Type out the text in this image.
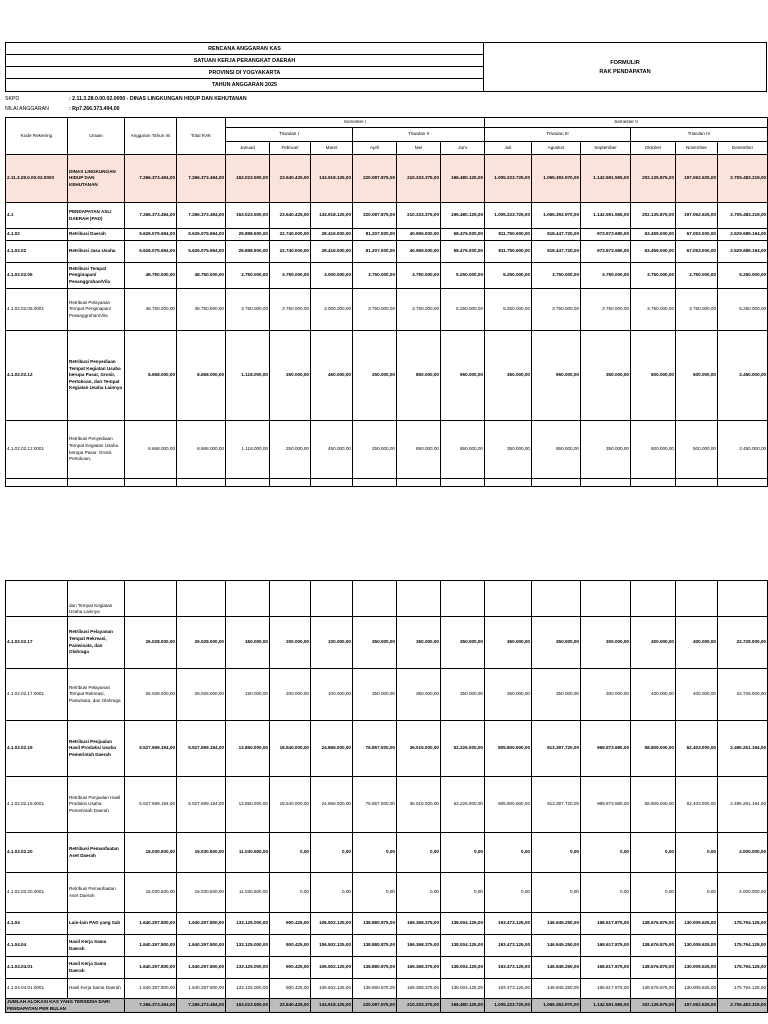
RENCANA ANGGARAN KAS
SATUAN KERJA PERANGKAT DAERAH
PROVINSI DI YOGYAKARTA
TAHUN ANGGARAN 2025
FORMULIR
RAK PENDAPATAN
SKPD	: 2.11.3.28.0.00.02.0000 - DINAS LINGKUNGAN HIDUP DAN KEHUTANAN
NILAI ANGGARAN	: Rp7.266.373.494,00
Kode Rekening	Uraian	Anggaran Tahun Ini	Total RAK	Semester I						Semester II					
				Triwulan I			Triwulan II			Triwulan III			Triwulan IV		
				Januari	Februari	Maret	April	Mei	Juni	Juli	Agustus	September	Oktober	November	Desember
2.11.3.28.0.00.02.0000	DINAS LINGKUNGAN HIDUP DAN KEHUTANAN	7.266.373.494,00	7.266.373.494,00	163.023.500,00	23.640.425,00	134.918.125,00	220.087.875,00	210.333.375,00	196.480.125,00	1.005.223.725,00	1.065.392.970,00	1.142.591.555,00	202.135.875,00	197.062.625,00	2.705.483.319,00
4.1	PENDAPATAN ASLI DAERAH (PAD)	7.266.373.494,00	7.266.373.494,00	163.023.500,00	23.640.425,00	134.918.125,00	220.087.875,00	210.333.375,00	196.480.125,00	1.005.223.725,00	1.065.392.970,00	1.142.591.555,00	202.135.875,00	197.062.625,00	2.705.483.319,00
4.1.02	Retribusi Daerah	5.626.075.694,00	5.626.075.694,00	29.898.500,00	22.740.000,00	28.416.000,00	81.207.000,00	40.965.000,00	58.476.000,00	811.750.600,00	918.447.720,00	973.973.680,00	63.459.000,00	67.053.000,00	2.529.689.194,00
4.1.02.02	Retribusi Jasa Usaha	5.626.075.694,00	5.626.075.694,00	29.898.500,00	22.740.000,00	28.416.000,00	81.207.000,00	40.965.000,00	58.476.000,00	811.750.600,00	918.447.720,00	973.973.680,00	63.459.000,00	67.053.000,00	2.529.689.194,00
4.1.02.02.06	Retribusi Tempat Penginapan/ Pesanggrahan/Vila	48.750.000,00	48.750.000,00	3.750.000,00	3.750.000,00	3.000.000,00	3.750.000,00	3.750.000,00	5.250.000,00	5.250.000,00	3.750.000,00	3.750.000,00	3.750.000,00	3.750.000,00	5.250.000,00
4.1.02.02.06.0001	Retribusi Pelayanan Tempat Penginapan/ Pesanggrahan/Vila	48.750.000,00	48.750.000,00	3.750.000,00	3.750.000,00	3.000.000,00	3.750.000,00	3.750.000,00	5.250.000,00	5.250.000,00	3.750.000,00	3.750.000,00	3.750.000,00	3.750.000,00	5.250.000,00
4.1.02.02.12	Retribusi Penyediaan Tempat Kegiatan Usaha berupa Pasar, Grosir, Pertokoan, dan Tempat Kegiatan Usaha Lainnya	8.668.000,00	8.668.000,00	1.118.000,00	250.000,00	450.000,00	250.000,00	850.000,00	650.000,00	350.000,00	950.000,00	350.000,00	500.000,00	500.000,00	2.450.000,00
4.1.02.02.12.0001	Retribusi Penyediaan Tempat Kegiatan Usaha berupa Pasar, Grosir, Pertokoan,	8.668.000,00	8.668.000,00	1.118.000,00	250.000,00	450.000,00	250.000,00	850.000,00	650.000,00	350.000,00	950.000,00	350.000,00	500.000,00	500.000,00	2.450.000,00

	dan Tempat Kegiatan Usaha Lainnya														
4.1.02.02.17	Retribusi Pelayanan Tempat Rekreasi, Pariwisata, dan Olahraga	26.028.000,00	26.028.000,00	150.000,00	200.000,00	100.000,00	350.000,00	350.000,00	350.000,00	350.000,00	350.000,00	300.000,00	400.000,00	400.000,00	22.728.000,00
4.1.02.02.17.0001	Retribusi Pelayanan Tempat Rekreasi, Pariwisata, dan Olahraga	26.028.000,00	26.028.000,00	150.000,00	200.000,00	100.000,00	350.000,00	350.000,00	350.000,00	350.000,00	350.000,00	300.000,00	400.000,00	400.000,00	22.728.000,00
4.1.02.02.19	Retribusi Penjualan Hasil Produksi Usaha Pemerintah Daerah	5.527.599.194,00	5.527.599.194,00	13.850.000,00	18.540.000,00	24.866.000,00	76.857.000,00	36.015.000,00	52.226.000,00	805.800.600,00	913.397.720,00	969.573.680,00	58.809.000,00	62.403.000,00	2.495.261.194,00
4.1.02.02.19.0001	Retribusi Penjualan Hasil Produksi Usaha Pemerintah Daerah	5.527.599.194,00	5.527.599.194,00	13.850.000,00	18.540.000,00	24.866.000,00	76.857.000,00	36.015.000,00	52.226.000,00	805.800.600,00	913.397.720,00	969.573.680,00	58.809.000,00	62.403.000,00	2.495.261.194,00
4.1.02.02.20	Retribusi Pemanfaatan Aset Daerah	15.030.500,00	15.030.500,00	11.030.500,00	0,00	0,00	0,00	0,00	0,00	0,00	0,00	0,00	0,00	0,00	4.000.000,00
4.1.02.02.20.0001	Retribusi Pemanfaatan Aset Daerah	15.030.500,00	15.030.500,00	11.030.500,00	0,00	0,00	0,00	0,00	0,00	0,00	0,00	0,00	0,00	0,00	4.000.000,00
4.1.04	Lain-lain PAD yang Sah	1.640.297.800,00	1.640.297.800,00	133.125.000,00	900.425,00	106.502.125,00	138.880.875,00	169.368.375,00	138.004.125,00	193.473.125,00	146.945.250,00	168.617.875,00	138.676.875,00	130.009.625,00	175.794.125,00
4.1.04.04	Hasil Kerja Sama Daerah	1.640.297.800,00	1.640.297.800,00	133.125.000,00	900.425,00	106.502.125,00	138.880.875,00	169.368.375,00	138.004.125,00	193.473.125,00	146.945.250,00	168.617.875,00	138.676.875,00	130.009.625,00	175.794.125,00
4.1.04.04.01	Hasil Kerja Sama Daerah	1.640.297.800,00	1.640.297.800,00	133.125.000,00	900.425,00	106.502.125,00	138.880.875,00	169.368.375,00	138.004.125,00	193.473.125,00	146.945.250,00	168.617.875,00	138.676.875,00	130.009.625,00	175.794.125,00
4.1.04.04.01.0001	Hasil Kerja Sama Daerah	1.640.297.800,00	1.640.297.800,00	133.125.000,00	900.425,00	106.502.125,00	138.880.875,00	169.368.375,00	138.004.125,00	193.473.125,00	146.945.250,00	168.617.875,00	138.676.875,00	130.009.625,00	175.794.125,00
JUMLAH ALOKASI KAS YANG TERSEDIA DARI PENDAPATAN PER BULAN		7.266.373.494,00	7.266.373.494,00	163.023.500,00	23.640.425,00	134.918.125,00	220.087.875,00	210.333.375,00	196.480.125,00	1.005.223.725,00	1.065.392.970,00	1.142.591.555,00	202.135.875,00	197.062.625,00	2.705.483.319,00
